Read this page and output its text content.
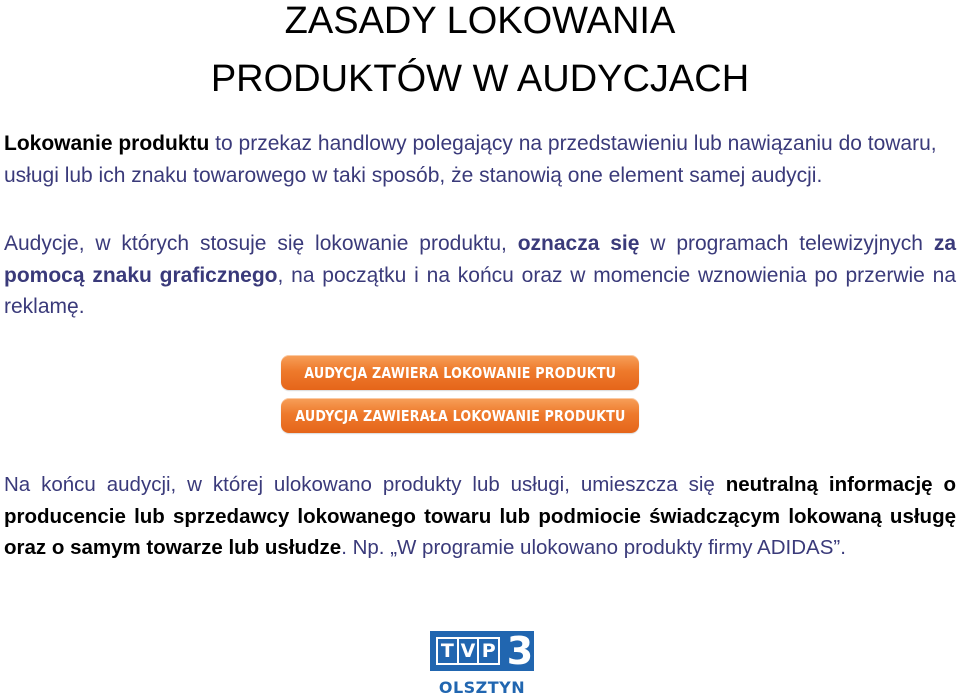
ZASADY LOKOWANIA
PRODUKTÓW W AUDYCJACH

Lokowanie produktu to przekaz handlowy polegający na przedstawieniu lub nawiązaniu do towaru, usługi lub ich znaku towarowego w taki sposób, że stanowią one element samej audycji.

Audycje, w których stosuje się lokowanie produktu, oznacza się w programach telewizyjnych za pomocą znaku graficznego, na początku i na końcu oraz w momencie wznowienia po przerwie na reklamę.

AUDYCJA ZAWIERA LOKOWANIE PRODUKTU
AUDYCJA ZAWIERAŁA LOKOWANIE PRODUKTU

Na końcu audycji, w której ulokowano produkty lub usługi, umieszcza się neutralną informację o producencie lub sprzedawcy lokowanego towaru lub podmiocie świadczącym lokowaną usługę oraz o samym towarze lub usłudze. Np. „W programie ulokowano produkty firmy ADIDAS”.

T V P 3
OLSZTYN
